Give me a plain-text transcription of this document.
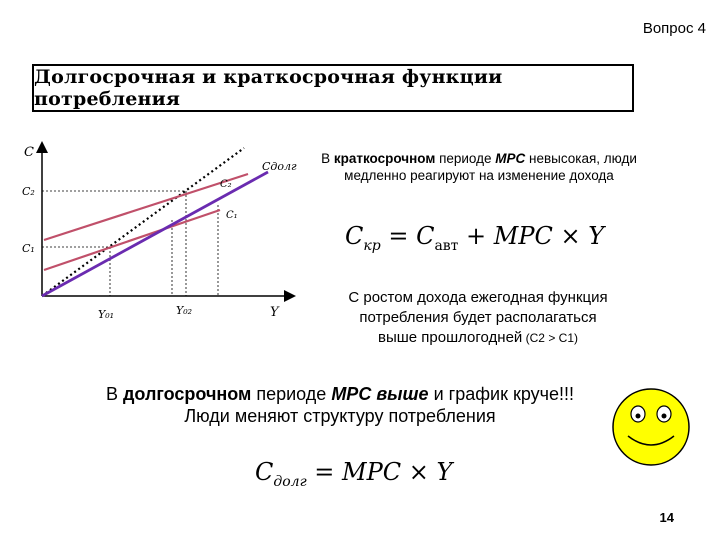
Вопрос 4
Долгосрочная и краткосрочная функции потребления
C
Y
C₂
C₁
Y₀₁	Y₀₂
Cдолг
C₂
C₁
В краткосрочном периоде МРС невысокая, люди медленно реагируют на изменение дохода
$C_{кр} = C_{авт}$ + MPC × Y
С ростом дохода ежегодная функция
потребления будет располагаться
выше прошлогодней (C2 > C1)
В долгосрочном периоде MPC выше и график круче!!!
Люди меняют структуру потребления
$C_{долг}$ = MPC × Y
14
